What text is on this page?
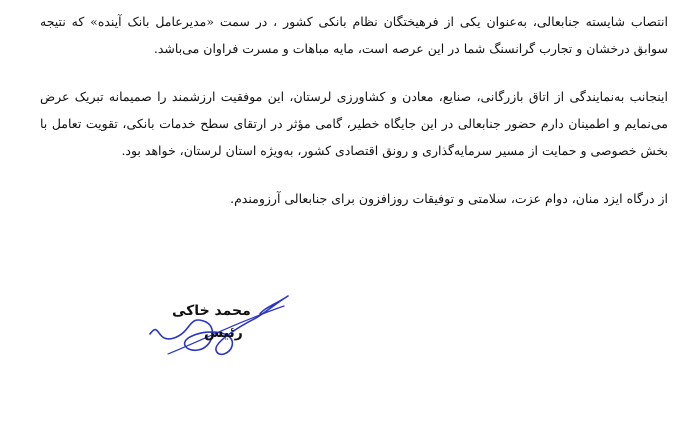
انتصاب شایسته جنابعالی، به‌عنوان یکی از فرهیختگان نظام بانکی کشور ، در سمت «مدیرعامل بانک آینده» که نتیجه سوابق درخشان و تجارب گرانسنگ شما در این عرصه است، مایه مباهات و مسرت فراوان می‌باشد.

اینجانب به‌نمایندگی از اتاق بازرگانی، صنایع، معادن و کشاورزی لرستان، این موفقیت ارزشمند را صمیمانه تبریک عرض می‌نمایم و اطمینان دارم حضور جنابعالی در این جایگاه خطیر، گامی مؤثر در ارتقای سطح خدمات بانکی، تقویت تعامل با بخش خصوصی و حمایت از مسیر سرمایه‌گذاری و رونق اقتصادی کشور، به‌ویژه استان لرستان، خواهد بود.

از درگاه ایزد منان، دوام عزت، سلامتی و توفیقات روزافزون برای جنابعالی آرزومندم.

محمد خاکی
رئیس
